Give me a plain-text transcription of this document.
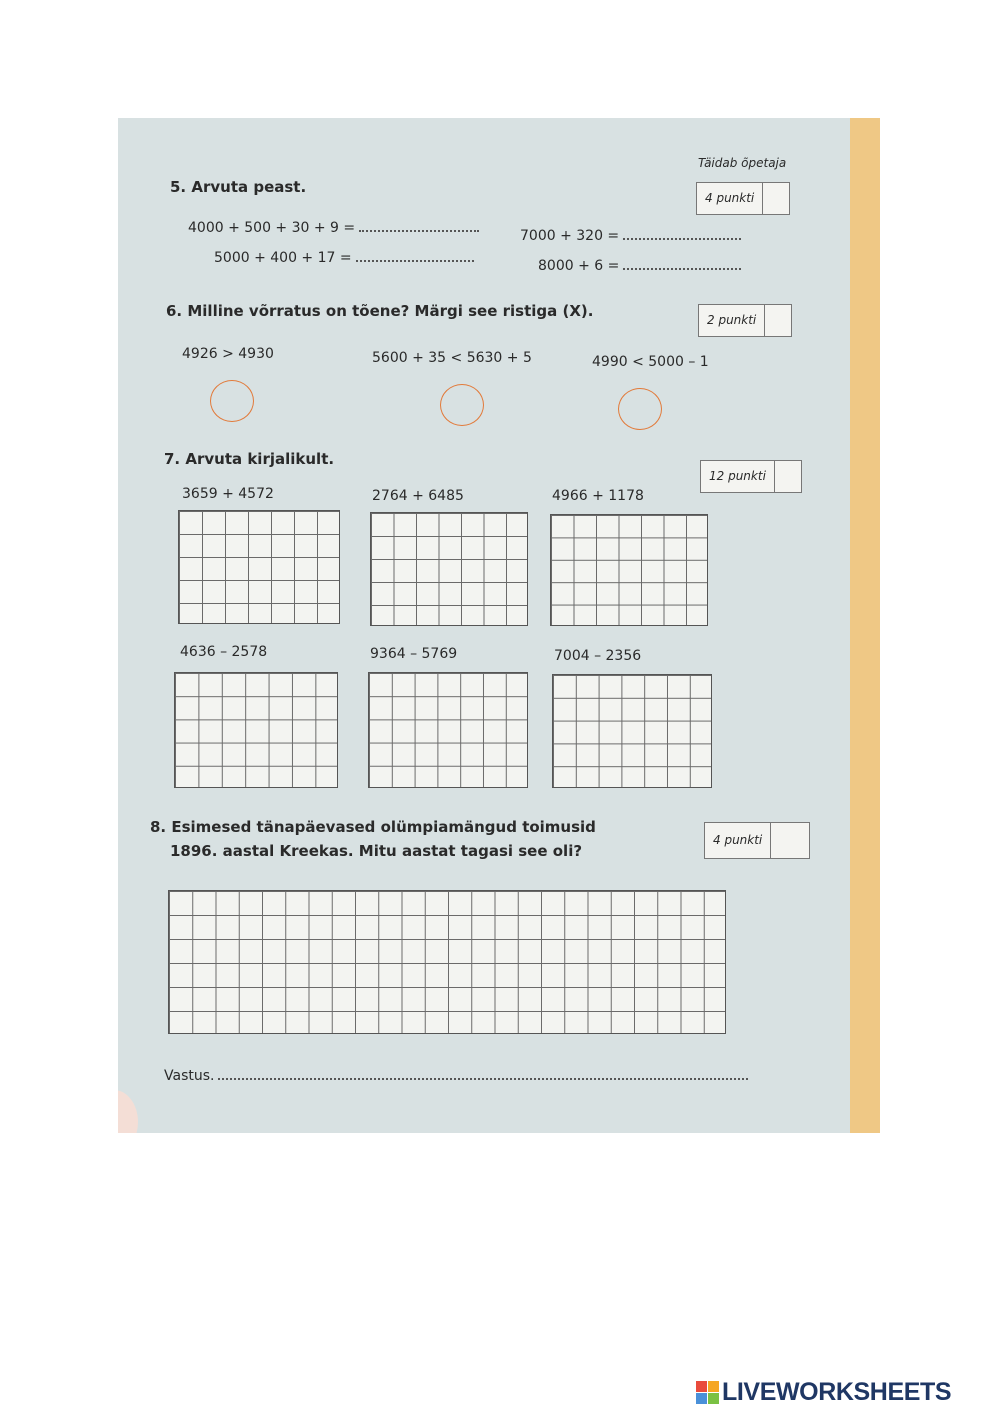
Täidab õpetaja
5. Arvuta peast.
4 punkti
4000 + 500 + 30 + 9 =
5000 + 400 + 17 =
7000 + 320 =
8000 + 6 =
6. Milline võrratus on tõene? Märgi see ristiga (X).	2 punkti
4926 > 4930	5600 + 35 < 5630 + 5	4990 < 5000 – 1
7. Arvuta kirjalikult.
12 punkti
3659 + 4572	2764 + 6485	4966 + 1178
4636 – 2578	9364 – 5769	7004 – 2356
8. Esimesed tänapäevased olümpiamängud toimusid
1896. aastal Kreekas. Mitu aastat tagasi see oli?
4 punkti
Vastus.
LIVEWORKSHEETS
